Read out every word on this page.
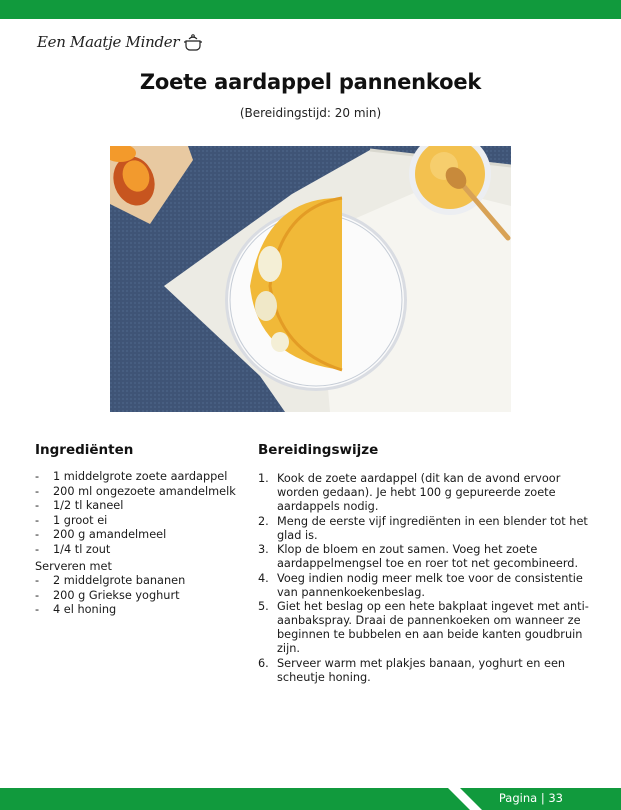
Een Maatje Minder
Zoete aardappel pannenkoek
(Bereidingstijd: 20 min)
Ingrediënten	Bereidingswijze
- 1 middelgrote zoete aardappel
- 200 ml ongezoete amandelmelk
- 1/2 tl kaneel
- 1 groot ei
- 200 g amandelmeel
- 1/4 tl zout
Serveren met
- 2 middelgrote bananen
- 200 g Griekse yoghurt
- 4 el honing
1. Kook de zoete aardappel (dit kan de avond ervoor worden gedaan). Je hebt 100 g gepureerde zoete aardappels nodig.
2. Meng de eerste vijf ingrediënten in een blender tot het glad is.
3. Klop de bloem en zout samen. Voeg het zoete aardappelmengsel toe en roer tot net gecombineerd.
4. Voeg indien nodig meer melk toe voor de consistentie van pannenkoekenbeslag.
5. Giet het beslag op een hete bakplaat ingevet met anti-aanbakspray. Draai de pannenkoeken om wanneer ze beginnen te bubbelen en aan beide kanten goudbruin zijn.
6. Serveer warm met plakjes banaan, yoghurt en een scheutje honing.
Pagina | 33
